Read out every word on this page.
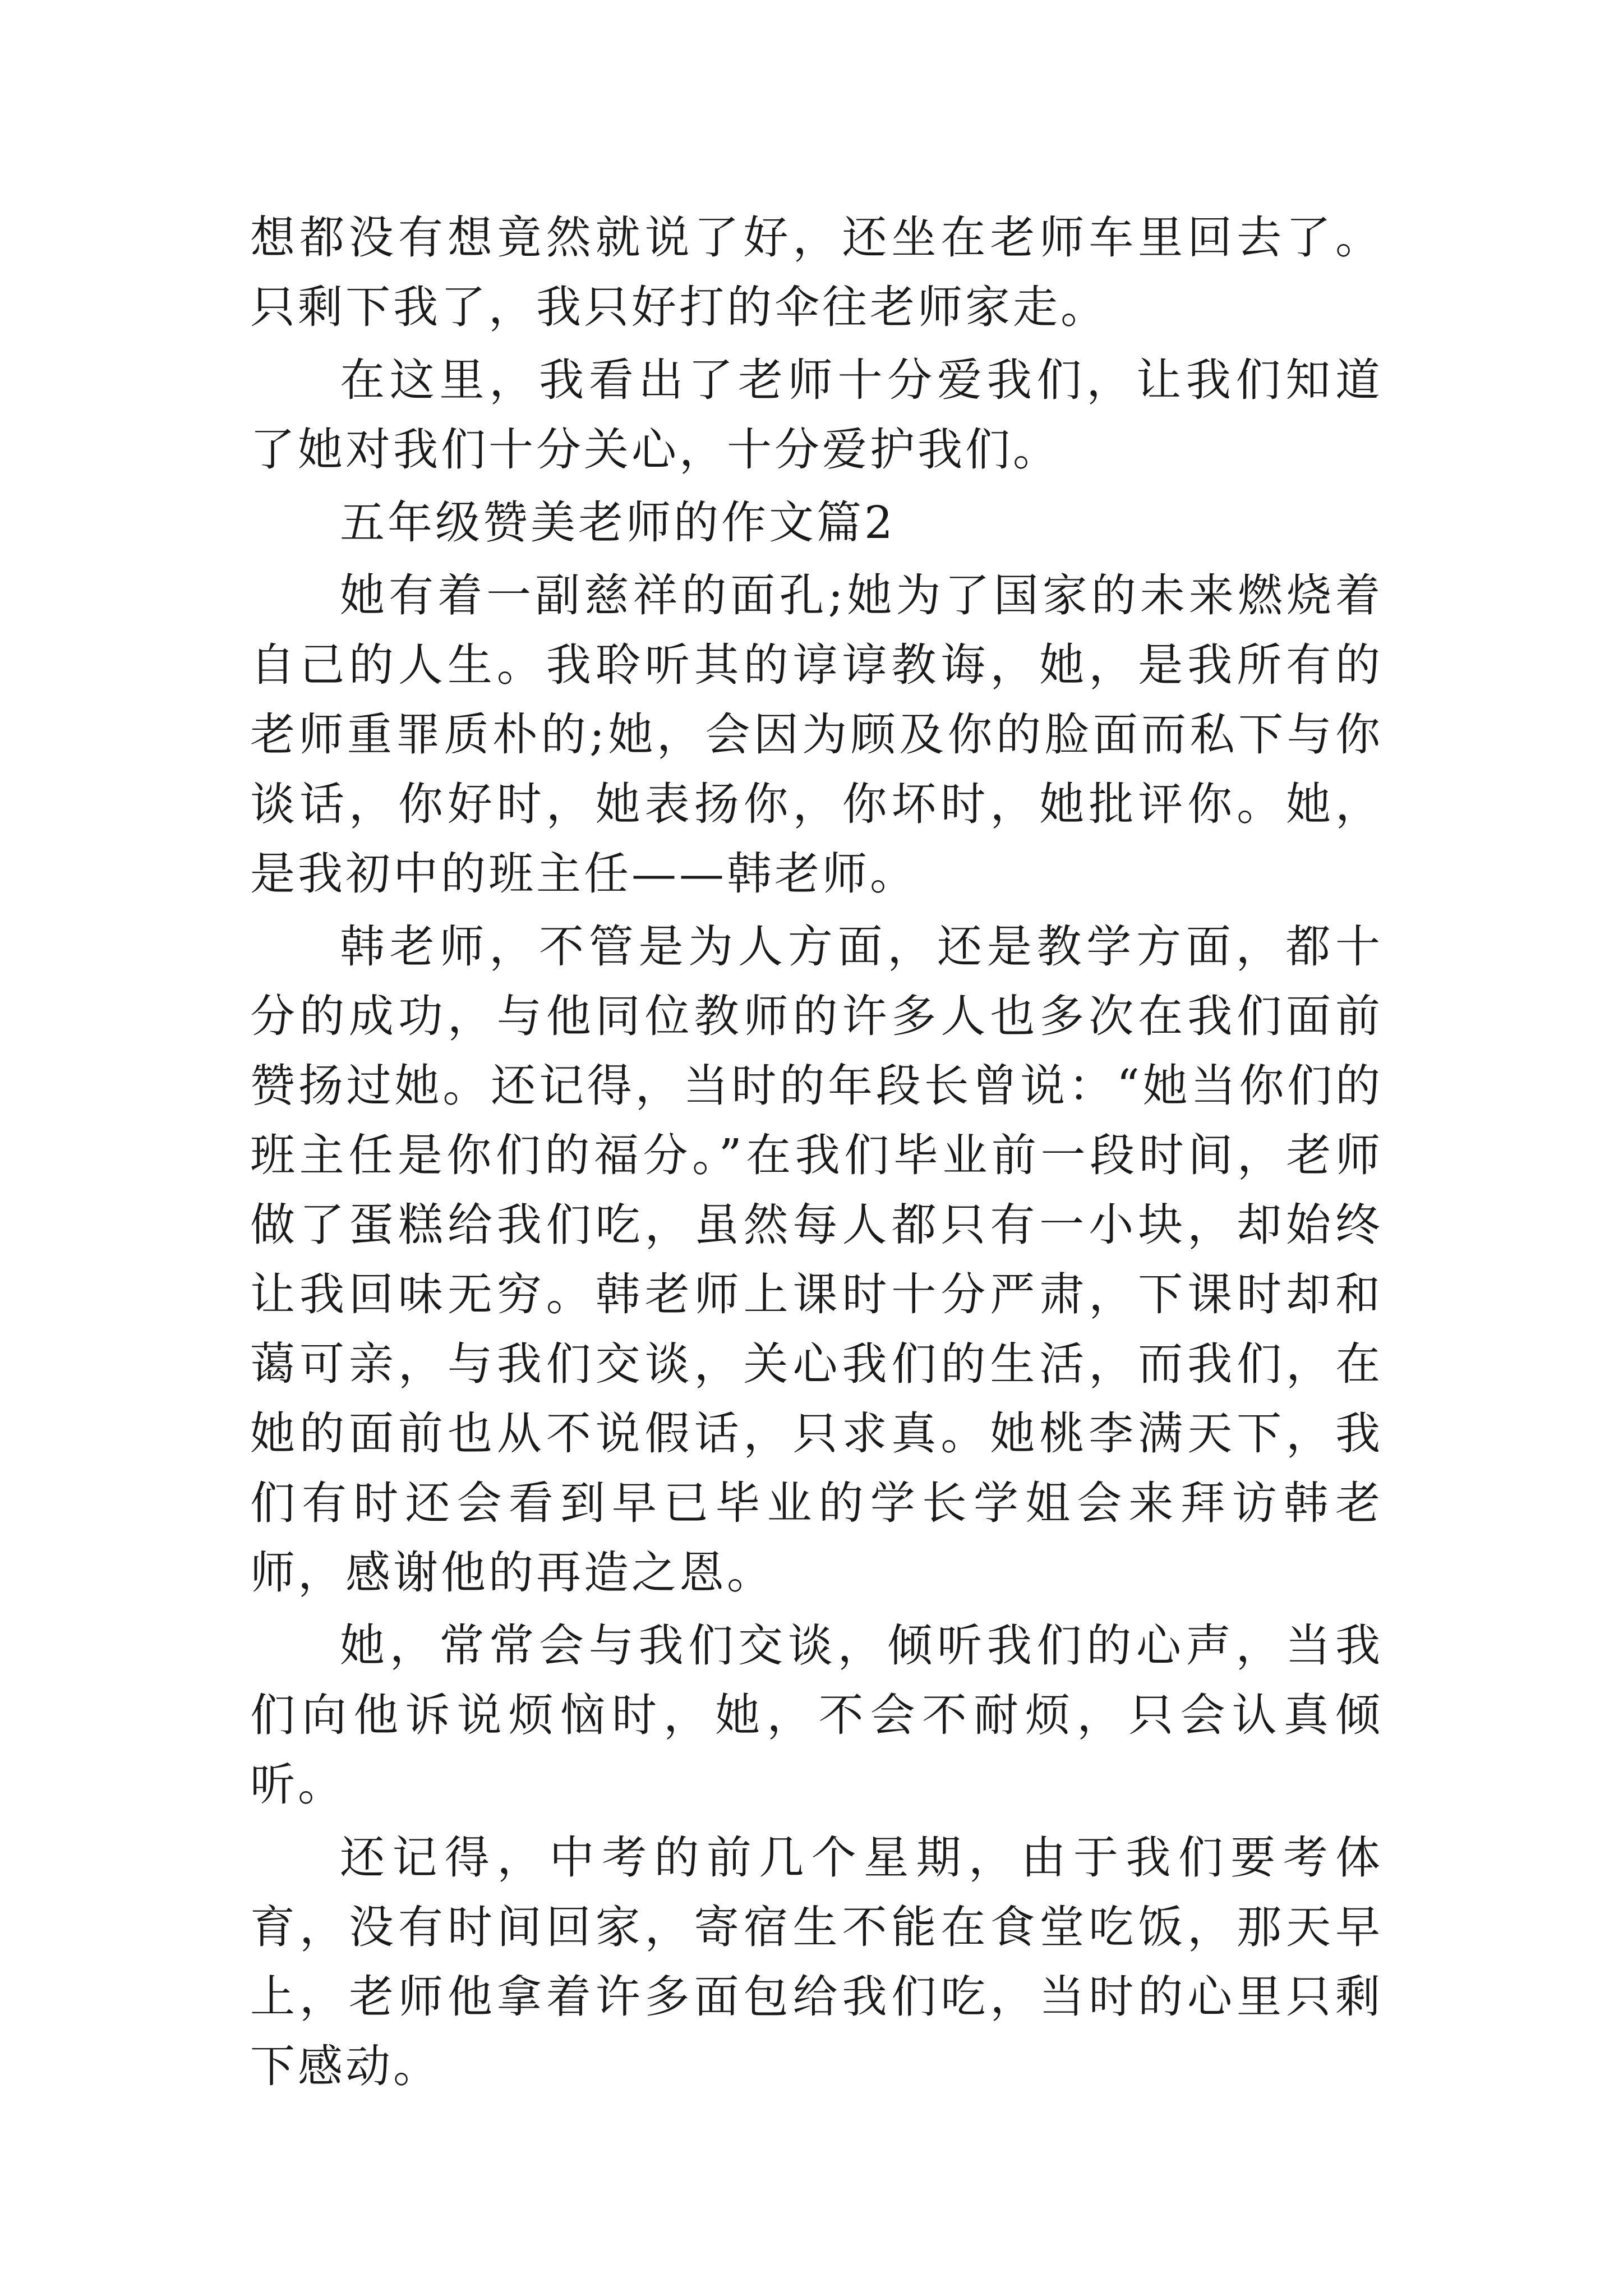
想都没有想竟然就说了好，还坐在老师车里回去了。只剩下我了，我只好打的伞往老师家走。

在这里，我看出了老师十分爱我们，让我们知道了她对我们十分关心，十分爱护我们。

五年级赞美老师的作文篇2

她有着一副慈祥的面孔;她为了国家的未来燃烧着自己的人生。我聆听其的谆谆教诲，她，是我所有的老师重罪质朴的;她，会因为顾及你的脸面而私下与你谈话，你好时，她表扬你，你坏时，她批评你。她，是我初中的班主任——韩老师。

韩老师，不管是为人方面，还是教学方面，都十分的成功，与他同位教师的许多人也多次在我们面前赞扬过她。还记得，当时的年段长曾说：“她当你们的班主任是你们的福分。”在我们毕业前一段时间，老师做了蛋糕给我们吃，虽然每人都只有一小块，却始终让我回味无穷。韩老师上课时十分严肃，下课时却和蔼可亲，与我们交谈，关心我们的生活，而我们，在她的面前也从不说假话，只求真。她桃李满天下，我们有时还会看到早已毕业的学长学姐会来拜访韩老师，感谢他的再造之恩。

她，常常会与我们交谈，倾听我们的心声，当我们向他诉说烦恼时，她，不会不耐烦，只会认真倾听。

还记得，中考的前几个星期，由于我们要考体育，没有时间回家，寄宿生不能在食堂吃饭，那天早上，老师他拿着许多面包给我们吃，当时的心里只剩下感动。
